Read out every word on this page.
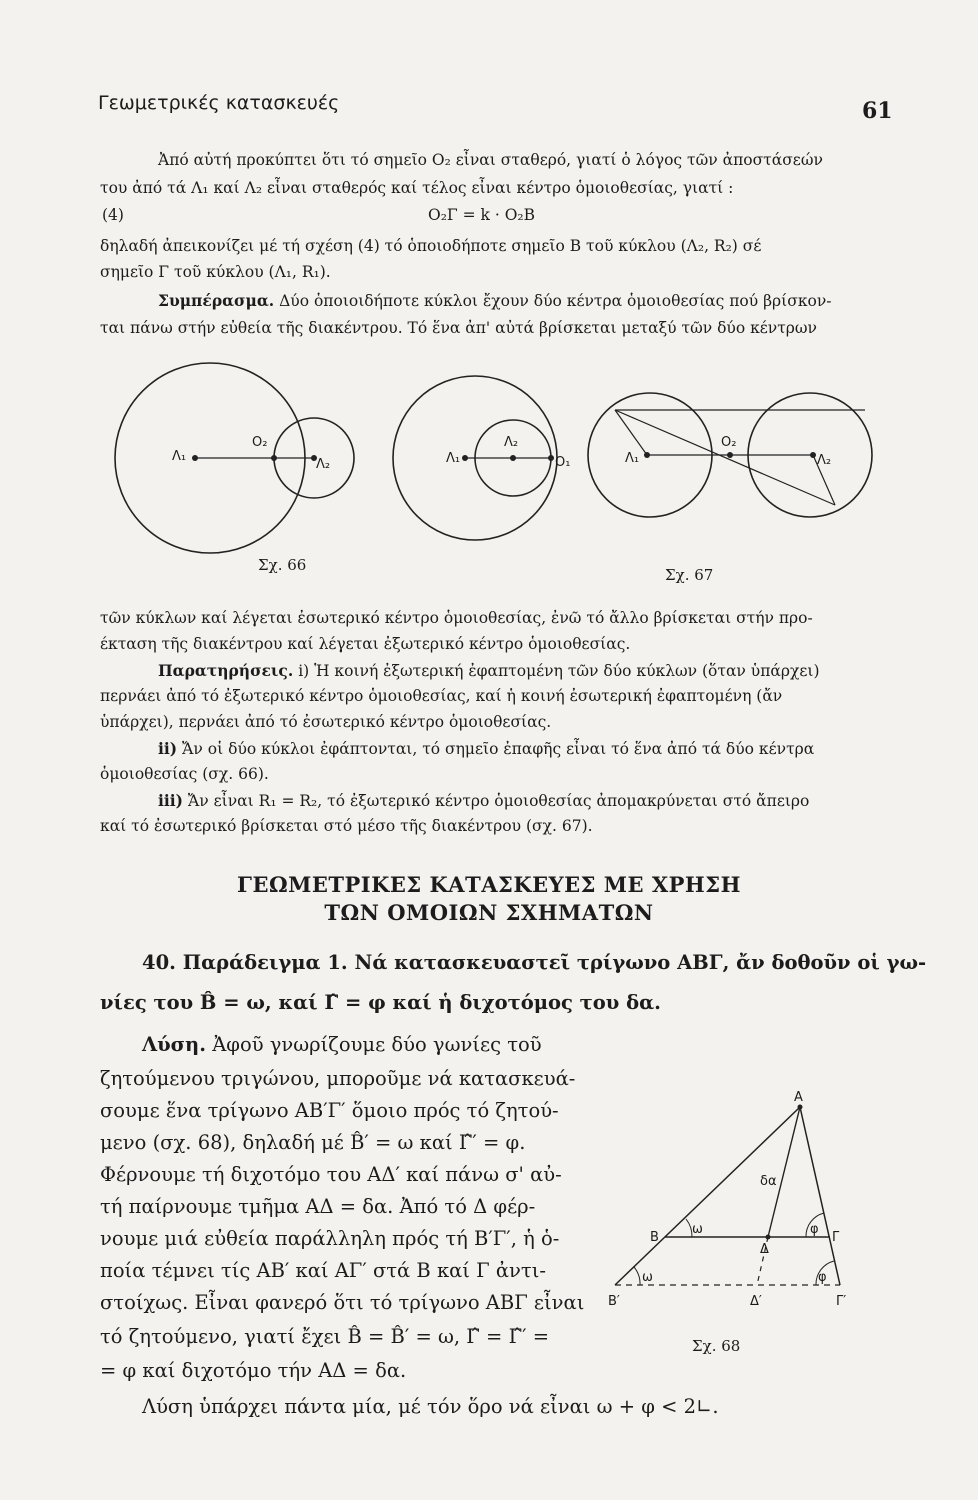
Γεωμετρικές κατασκευές	61
Ἀπό αὐτή προκύπτει ὅτι τό σημεῖο O₂ εἶναι σταθερό, γιατί ὁ λόγος τῶν ἀποστάσεών
του ἀπό τά Λ₁ καί Λ₂ εἶναι σταθερός καί τέλος εἶναι κέντρο ὁμοιοθεσίας, γιατί :
(4)	O₂Γ = k · O₂B
δηλαδή ἀπεικονίζει μέ τή σχέση (4) τό ὁποιοδήποτε σημεῖο B τοῦ κύκλου (Λ₂, R₂) σέ
σημεῖο Γ τοῦ κύκλου (Λ₁, R₁).
Συμπέρασμα. Δύο ὁποιοιδήποτε κύκλοι ἔχουν δύο κέντρα ὁμοιοθεσίας πού βρίσκον-
ται πάνω στήν εὐθεία τῆς διακέντρου. Τό ἕνα ἀπ' αὐτά βρίσκεται μεταξύ τῶν δύο κέντρων
Λ₁
O₂
Λ₂
Σχ. 66
Λ₁
Λ₂
O₁	Λ₁
O₂
Λ₂
Σχ. 67
τῶν κύκλων καί λέγεται ἐσωτερικό κέντρο ὁμοιοθεσίας, ἐνῶ τό ἄλλο βρίσκεται στήν προ-
έκταση τῆς διακέντρου καί λέγεται ἐξωτερικό κέντρο ὁμοιοθεσίας.
Παρατηρήσεις. i) Ἡ κοινή ἐξωτερική ἐφαπτομένη τῶν δύο κύκλων (ὅταν ὑπάρχει)
περνάει ἀπό τό ἐξωτερικό κέντρο ὁμοιοθεσίας, καί ἡ κοινή ἐσωτερική ἐφαπτομένη (ἄν
ὑπάρχει), περνάει ἀπό τό ἐσωτερικό κέντρο ὁμοιοθεσίας.
ii) Ἄν οἱ δύο κύκλοι ἐφάπτονται, τό σημεῖο ἐπαφῆς εἶναι τό ἕνα ἀπό τά δύο κέντρα
ὁμοιοθεσίας (σχ. 66).
iii) Ἄν εἶναι R₁ = R₂, τό ἐξωτερικό κέντρο ὁμοιοθεσίας ἀπομακρύνεται στό ἄπειρο
καί τό ἐσωτερικό βρίσκεται στό μέσο τῆς διακέντρου (σχ. 67).
ΓΕΩΜΕΤΡΙΚΕΣ ΚΑΤΑΣΚΕΥΕΣ ΜΕ ΧΡΗΣΗ
ΤΩΝ ΟΜΟΙΩΝ ΣΧΗΜΑΤΩΝ
40. Παράδειγμα 1. Νά κατασκευαστεῖ τρίγωνο ΑΒΓ, ἄν δοθοῦν οἱ γω-
νίες του B̂ = ω, καί Γ̂ = φ καί ἡ διχοτόμος του δα.
Λύση. Ἀφοῦ γνωρίζουμε δύο γωνίες τοῦ
ζητούμενου τριγώνου, μποροῦμε νά κατασκευά-
σουμε ἕνα τρίγωνο ΑΒ′Γ′ ὅμοιο πρός τό ζητού-
μενο (σχ. 68), δηλαδή μέ B̂′ = ω καί Γ̂′ = φ.
Φέρνουμε τή διχοτόμο του ΑΔ′ καί πάνω σ' αὐ-
τή παίρνουμε τμῆμα ΑΔ = δα. Ἀπό τό Δ φέρ-
νουμε μιά εὐθεία παράλληλη πρός τή Β′Γ′, ἡ ὁ-
ποία τέμνει τίς ΑΒ′ καί ΑΓ′ στά Β καί Γ ἀντι-
στοίχως. Εἶναι φανερό ὅτι τό τρίγωνο ΑΒΓ εἶναι
τό ζητούμενο, γιατί ἔχει B̂ = B̂′ = ω, Γ̂ = Γ̂′ =
= φ καί διχοτόμο τήν ΑΔ = δα.
Λύση ὑπάρχει πάντα μία, μέ τόν ὅρο νά εἶναι ω + φ < 2∟.
A
B	Γ
B′	Γ′
Δ
Δ′
δα
ω	φ
ω	φ
Σχ. 68
